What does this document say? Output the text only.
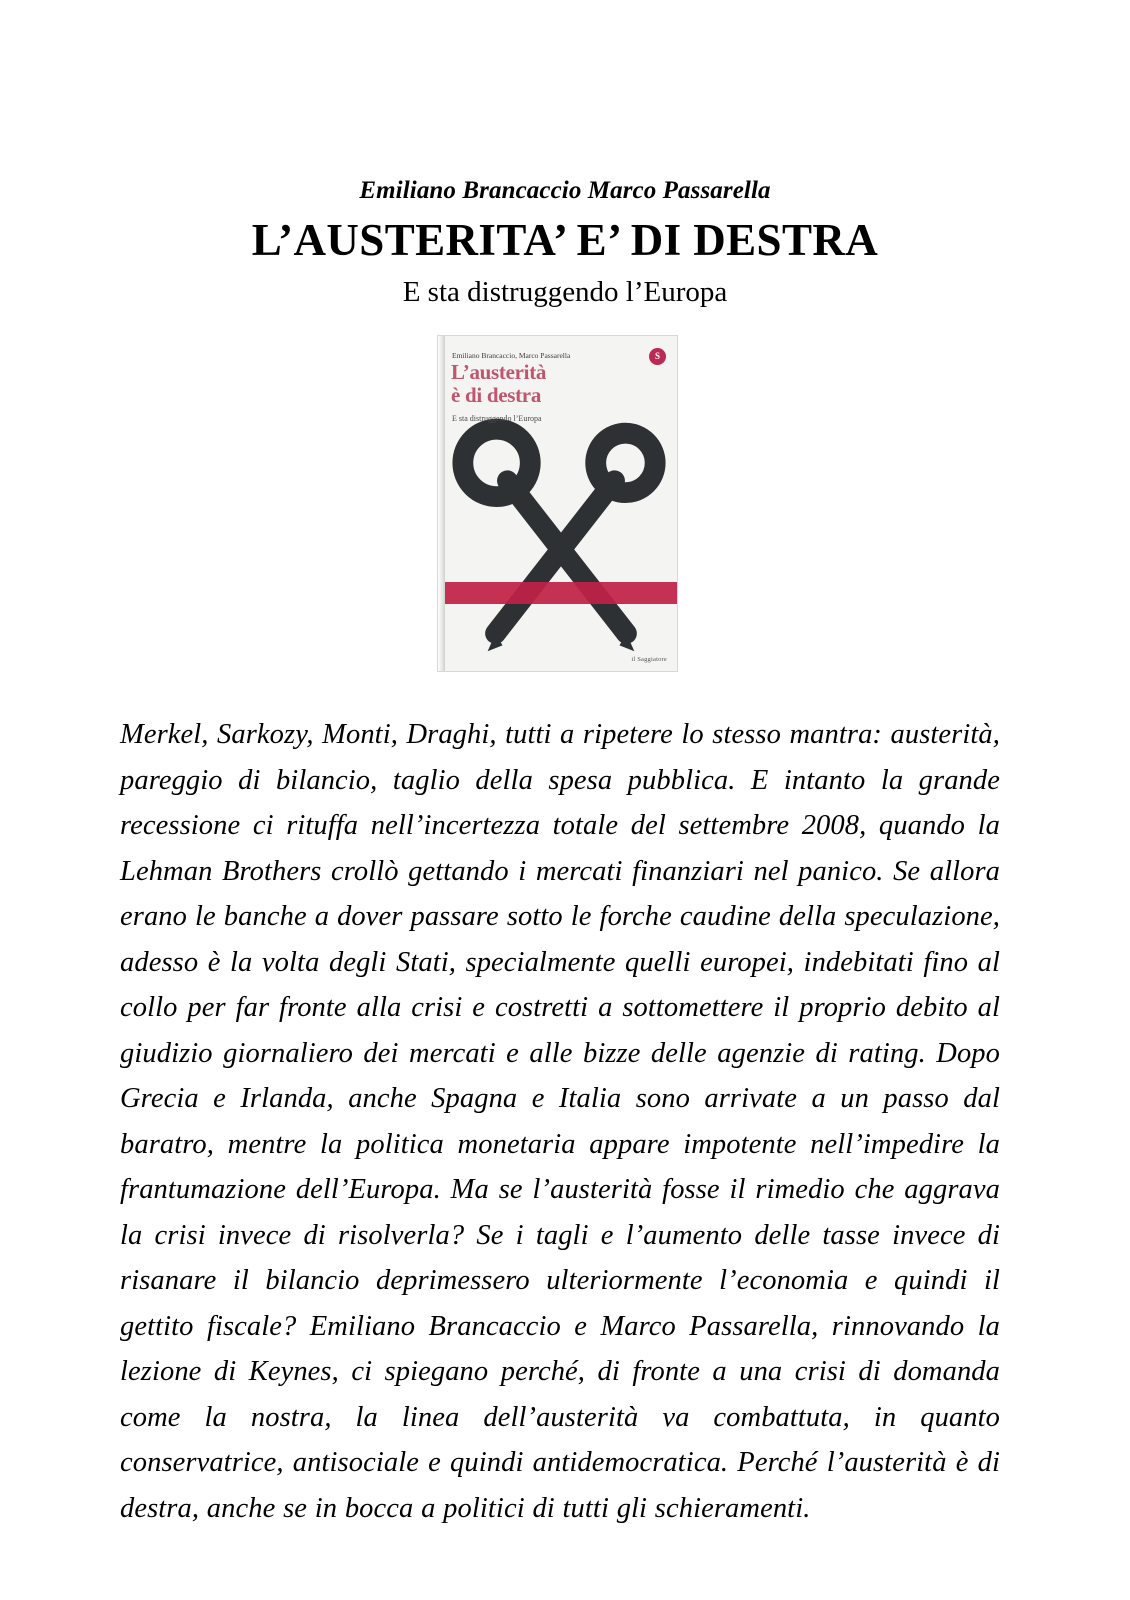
Emiliano Brancaccio Marco Passarella
L’AUSTERITA’ E’ DI DESTRA
E sta distruggendo l’Europa
Emiliano Brancaccio, Marco Passarella
L’austerità
è di destra
E sta distruggendo l’Europa
S
il Saggiatore
Merkel, Sarkozy, Monti, Draghi, tutti a ripetere lo stesso mantra: austerità, pareggio di bilancio, taglio della spesa pubblica. E intanto la grande recessione ci rituffa nell’incertezza totale del settembre 2008, quando la Lehman Brothers crollò gettando i mercati finanziari nel panico. Se allora erano le banche a dover passare sotto le forche caudine della speculazione, adesso è la volta degli Stati, specialmente quelli europei, indebitati fino al collo per far fronte alla crisi e costretti a sottomettere il proprio debito al giudizio giornaliero dei mercati e alle bizze delle agenzie di rating. Dopo Grecia e Irlanda, anche Spagna e Italia sono arrivate a un passo dal baratro, mentre la politica monetaria appare impotente nell’impedire la frantumazione dell’Europa. Ma se l’austerità fosse il rimedio che aggrava la crisi invece di risolverla? Se i tagli e l’aumento delle tasse invece di risanare il bilancio deprimessero ulteriormente l’economia e quindi il gettito fiscale? Emiliano Brancaccio e Marco Passarella, rinnovando la lezione di Keynes, ci spiegano perché, di fronte a una crisi di domanda come la nostra, la linea dell’austerità va combattuta, in quanto conservatrice, antisociale e quindi antidemocratica. Perché l’austerità è di destra, anche se in bocca a politici di tutti gli schieramenti.
